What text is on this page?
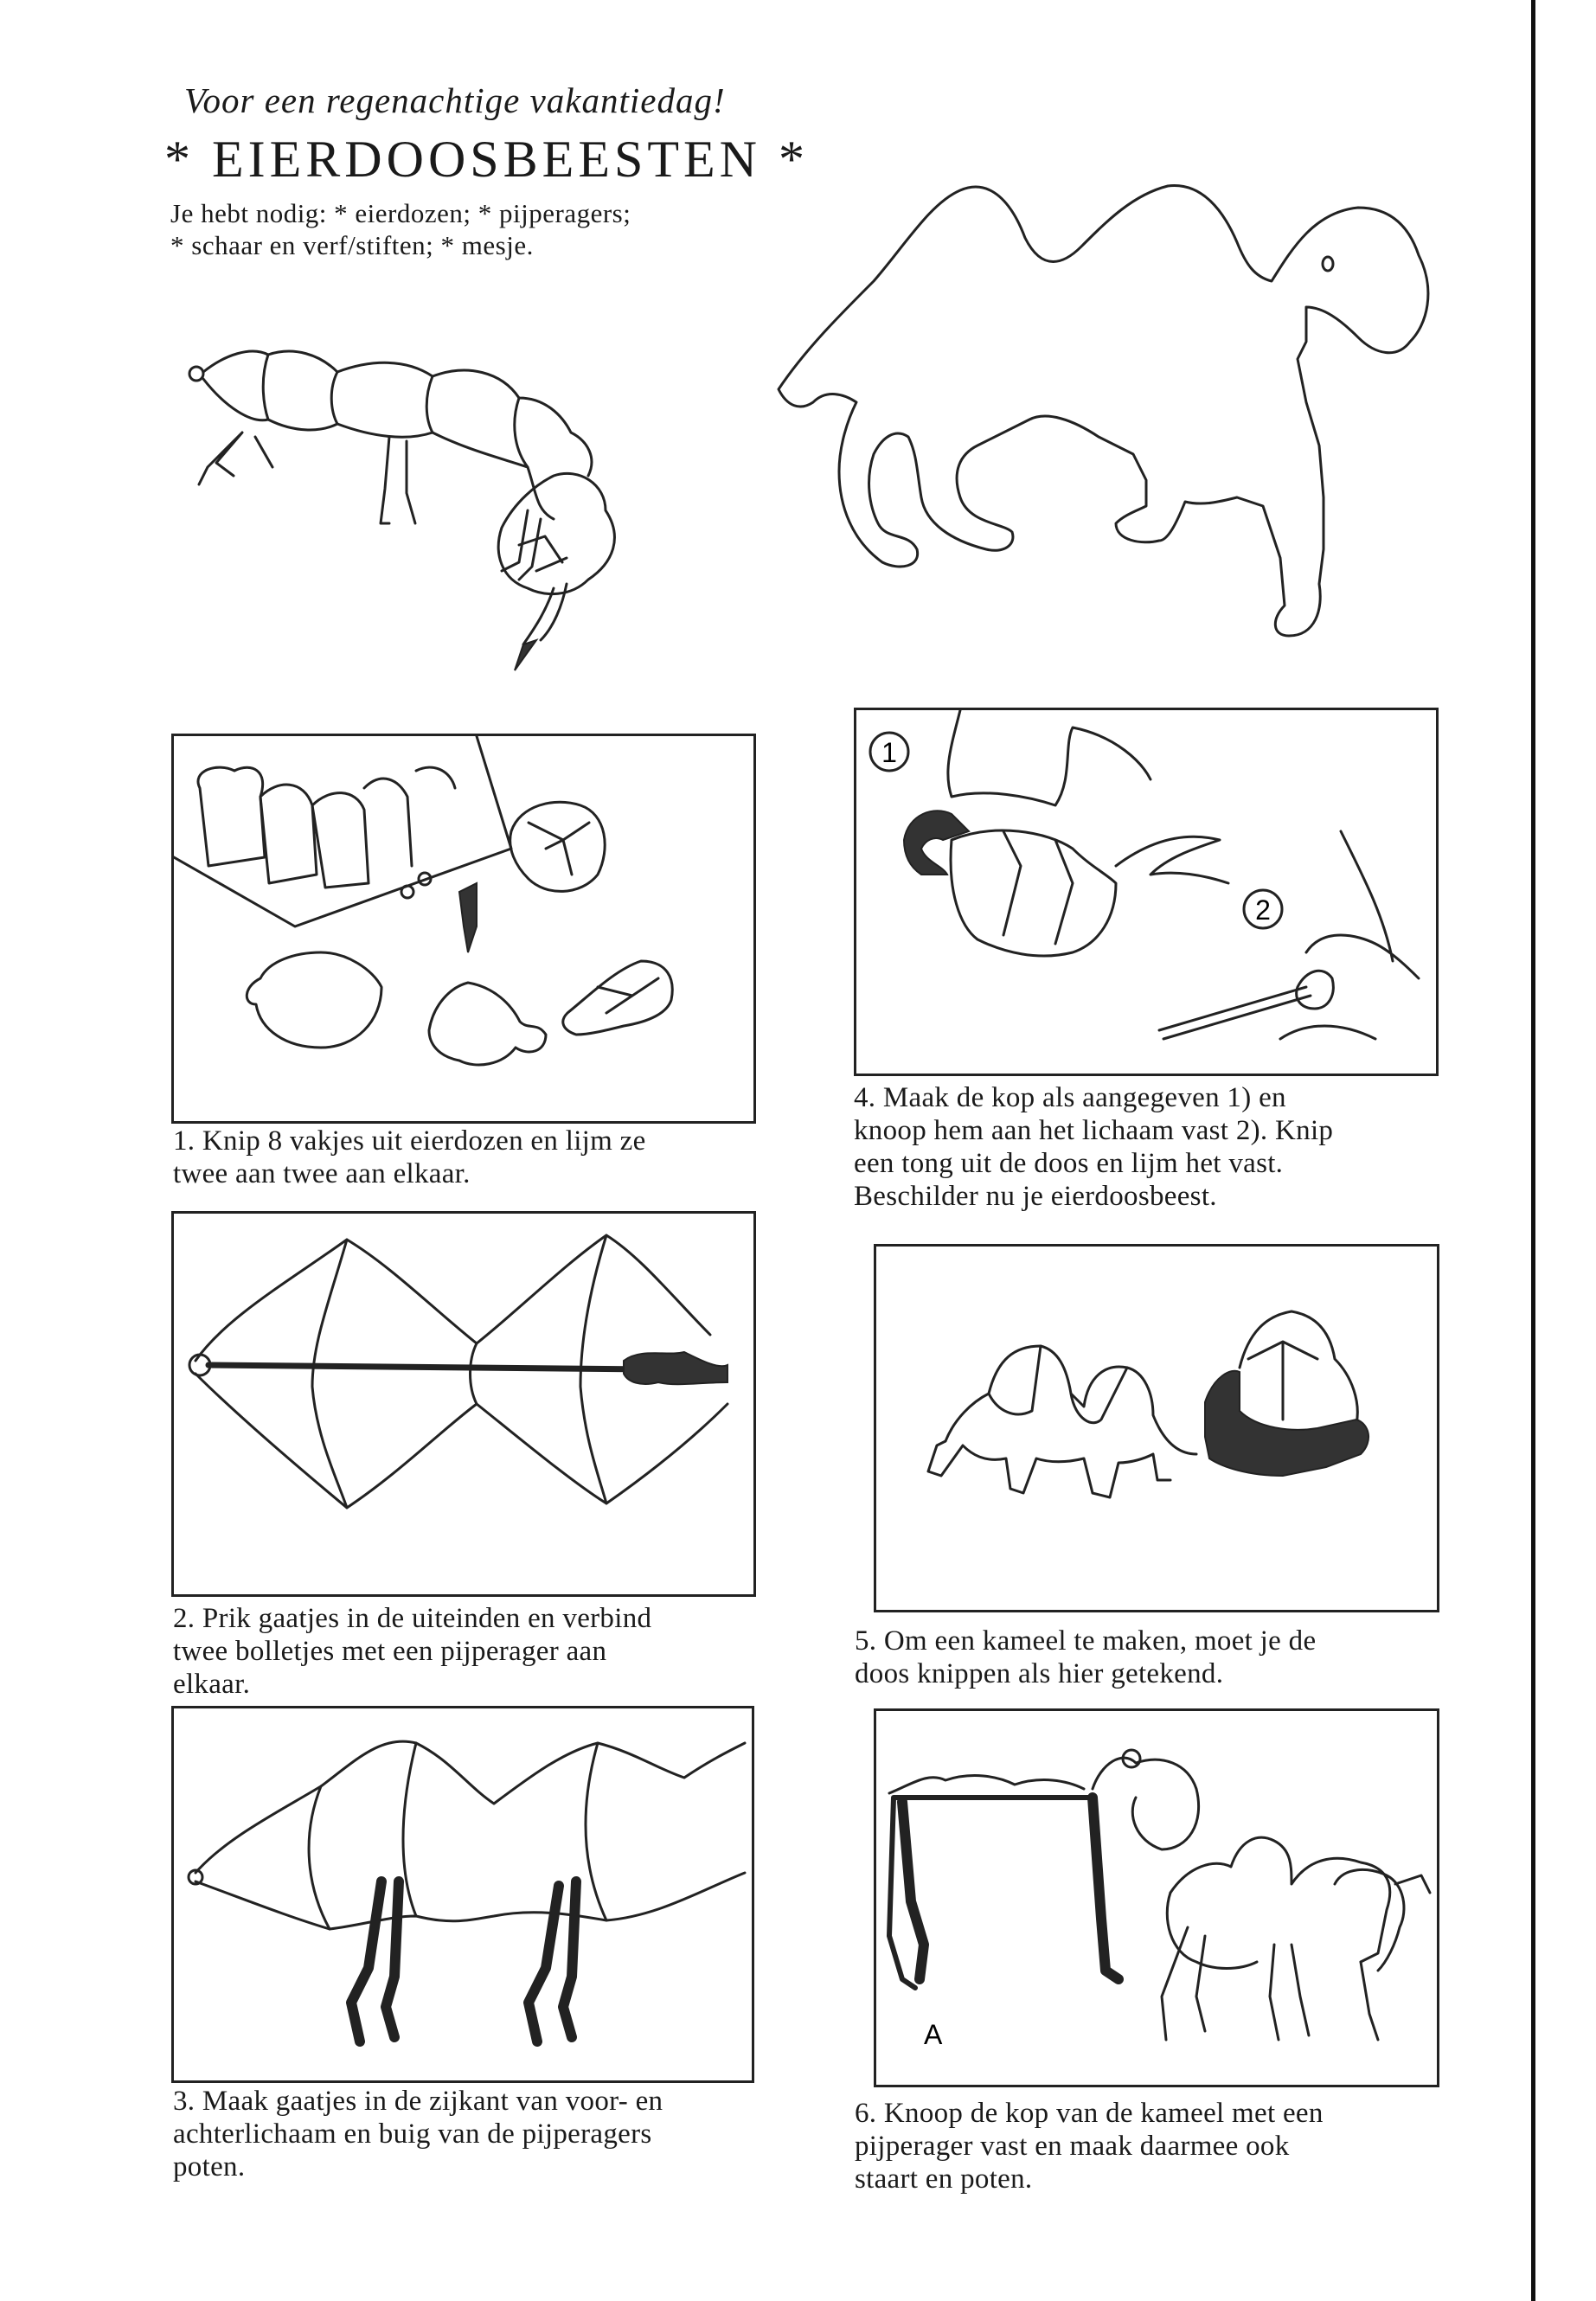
Voor een regenachtige vakantiedag!
* EIERDOOSBEESTEN *
Je hebt nodig: * eierdozen; * pijperagers;
* schaar en verf/stiften; * mesje.
1. Knip 8 vakjes uit eierdozen en lijm ze
twee aan twee aan elkaar.
2. Prik gaatjes in de uiteinden en verbind
twee bolletjes met een pijperager aan
elkaar.
3. Maak gaatjes in de zijkant van voor- en
achterlichaam en buig van de pijperagers
poten.
1
2
4. Maak de kop als aangegeven 1) en
knoop hem aan het lichaam vast 2). Knip
een tong uit de doos en lijm het vast.
Beschilder nu je eierdoosbeest.
5. Om een kameel te maken, moet je de
doos knippen als hier getekend.
A
6. Knoop de kop van de kameel met een
pijperager vast en maak daarmee ook
staart en poten.
